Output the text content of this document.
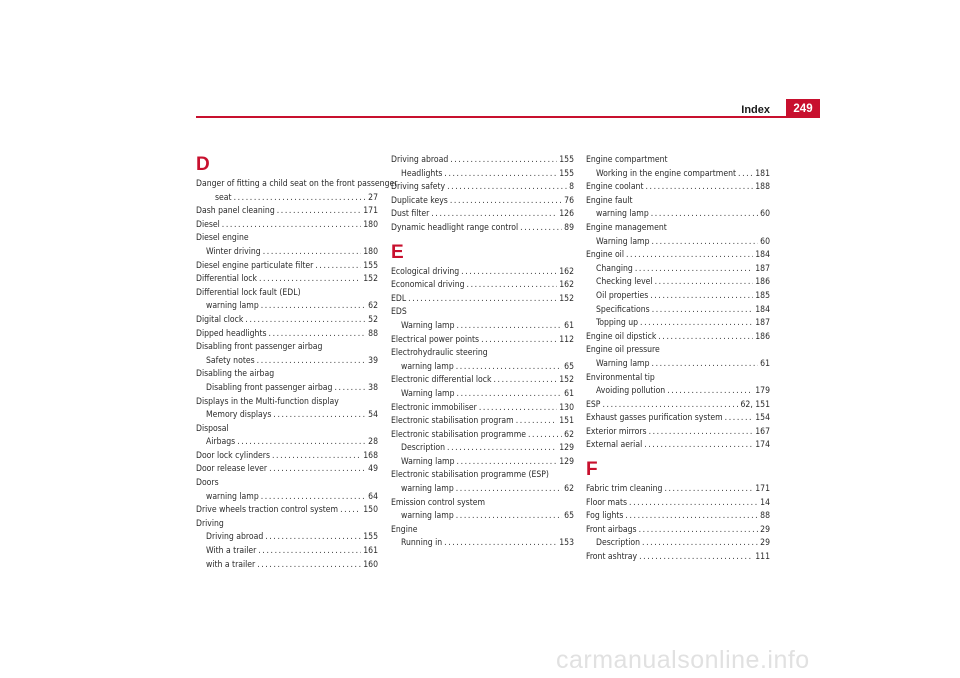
Index	249
D
Danger of fitting a child seat on the front passenger
seat .....	27
Dash panel cleaning .....	171
Diesel .....	180
Diesel engine
Winter driving .....	180
Diesel engine particulate filter .....	155
Differential lock .....	152
Differential lock fault (EDL)
warning lamp .....	62
Digital clock .....	52
Dipped headlights .....	88
Disabling front passenger airbag
Safety notes .....	39
Disabling the airbag
Disabling front passenger airbag .....	38
Displays in the Multi-function display
Memory displays .....	54
Disposal
Airbags .....	28
Door lock cylinders .....	168
Door release lever .....	49
Doors
warning lamp .....	64
Drive wheels traction control system .....	150
Driving
Driving abroad .....	155
With a trailer .....	161
with a trailer .....	160
Driving abroad .....	155
Headlights .....	155
Driving safety .....	8
Duplicate keys .....	76
Dust filter .....	126
Dynamic headlight range control .....	89
E
Ecological driving .....	162
Economical driving .....	162
EDL .....	152
EDS
Warning lamp .....	61
Electrical power points .....	112
Electrohydraulic steering
warning lamp .....	65
Electronic differential lock .....	152
Warning lamp .....	61
Electronic immobiliser .....	130
Electronic stabilisation program .....	151
Electronic stabilisation programme .....	62
Description .....	129
Warning lamp .....	129
Electronic stabilisation programme (ESP)
warning lamp .....	62
Emission control system
warning lamp .....	65
Engine
Running in .....	153
Engine compartment
Working in the engine compartment ..... 181
Engine coolant .....	188
Engine fault
warning lamp .....	60
Engine management
Warning lamp .....	60
Engine oil .....	184
Changing .....	187
Checking level .....	186
Oil properties .....	185
Specifications .....	184
Topping up .....	187
Engine oil dipstick .....	186
Engine oil pressure
Warning lamp .....	61
Environmental tip
Avoiding pollution .....	179
ESP .....	62, 151
Exhaust gasses purification system .....	154
Exterior mirrors .....	167
External aerial .....	174
F
Fabric trim cleaning .....	171
Floor mats .....	14
Fog lights .....	88
Front airbags .....	29
Description .....	29
Front ashtray .....	111
carmanualsonline.info
